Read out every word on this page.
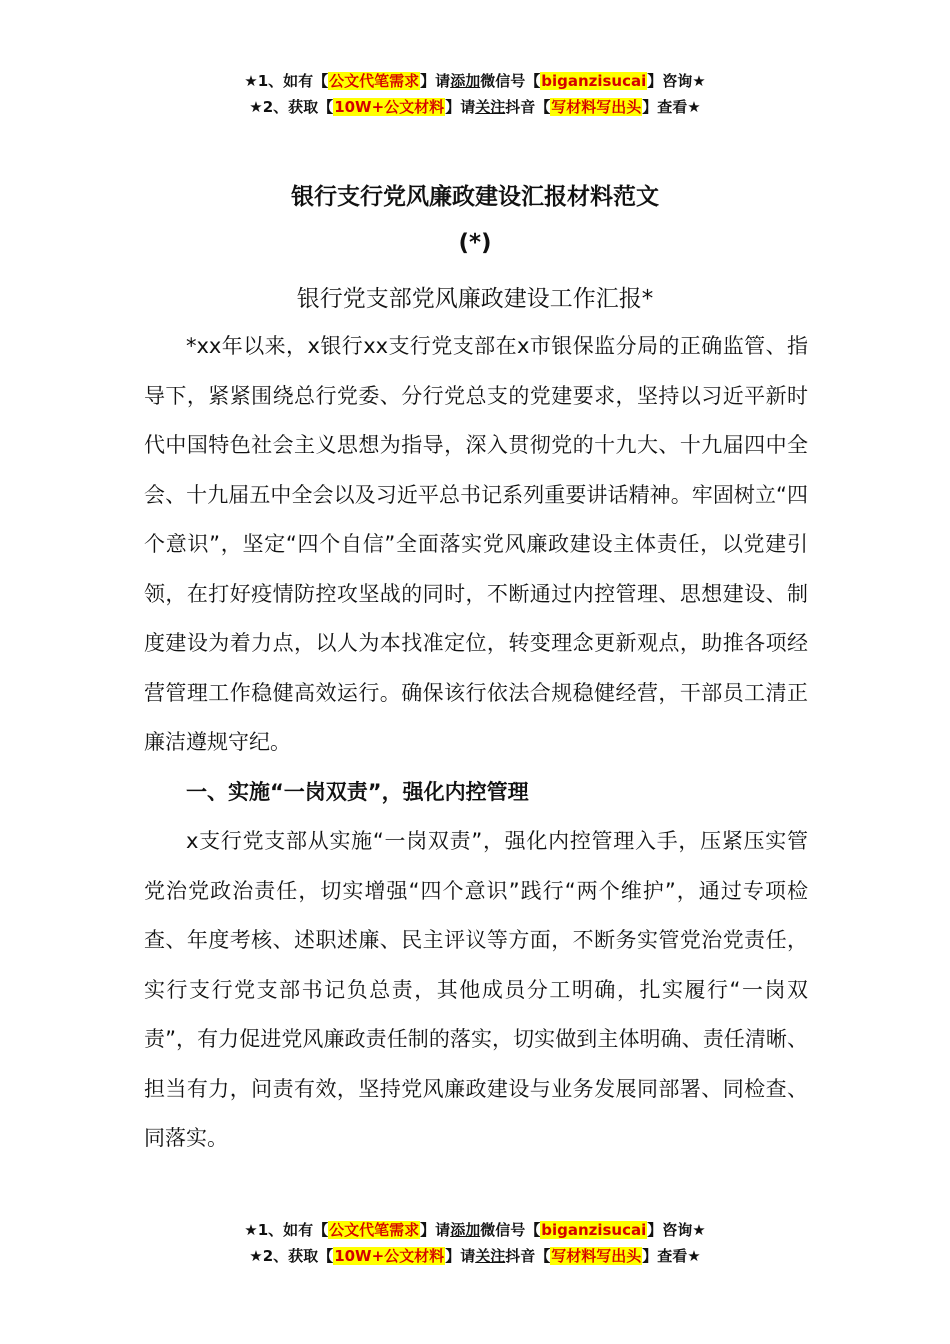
★1、如有【公文代笔需求】请添加微信号【biganzisucai】咨询★
★2、获取【10W+公文材料】请关注抖音【写材料写出头】查看★
银行支行党风廉政建设汇报材料范文
(*)
银行党支部党风廉政建设工作汇报*

*xx年以来，x银行xx支行党支部在x市银保监分局的正确监管、指导下，紧紧围绕总行党委、分行党总支的党建要求，坚持以习近平新时代中国特色社会主义思想为指导，深入贯彻党的十九大、十九届四中全会、十九届五中全会以及习近平总书记系列重要讲话精神。牢固树立“四个意识”，坚定“四个自信”全面落实党风廉政建设主体责任，以党建引领，在打好疫情防控攻坚战的同时，不断通过内控管理、思想建设、制度建设为着力点，以人为本找准定位，转变理念更新观点，助推各项经营管理工作稳健高效运行。确保该行依法合规稳健经营，干部员工清正廉洁遵规守纪。

一、实施“一岗双责”，强化内控管理

x支行党支部从实施“一岗双责”，强化内控管理入手，压紧压实管党治党政治责任，切实增强“四个意识”践行“两个维护”，通过专项检查、年度考核、述职述廉、民主评议等方面，不断务实管党治党责任，实行支行党支部书记负总责，其他成员分工明确，扎实履行“一岗双责”，有力促进党风廉政责任制的落实，切实做到主体明确、责任清晰、担当有力，问责有效，坚持党风廉政建设与业务发展同部署、同检查、同落实。

★1、如有【公文代笔需求】请添加微信号【biganzisucai】咨询★
★2、获取【10W+公文材料】请关注抖音【写材料写出头】查看★
